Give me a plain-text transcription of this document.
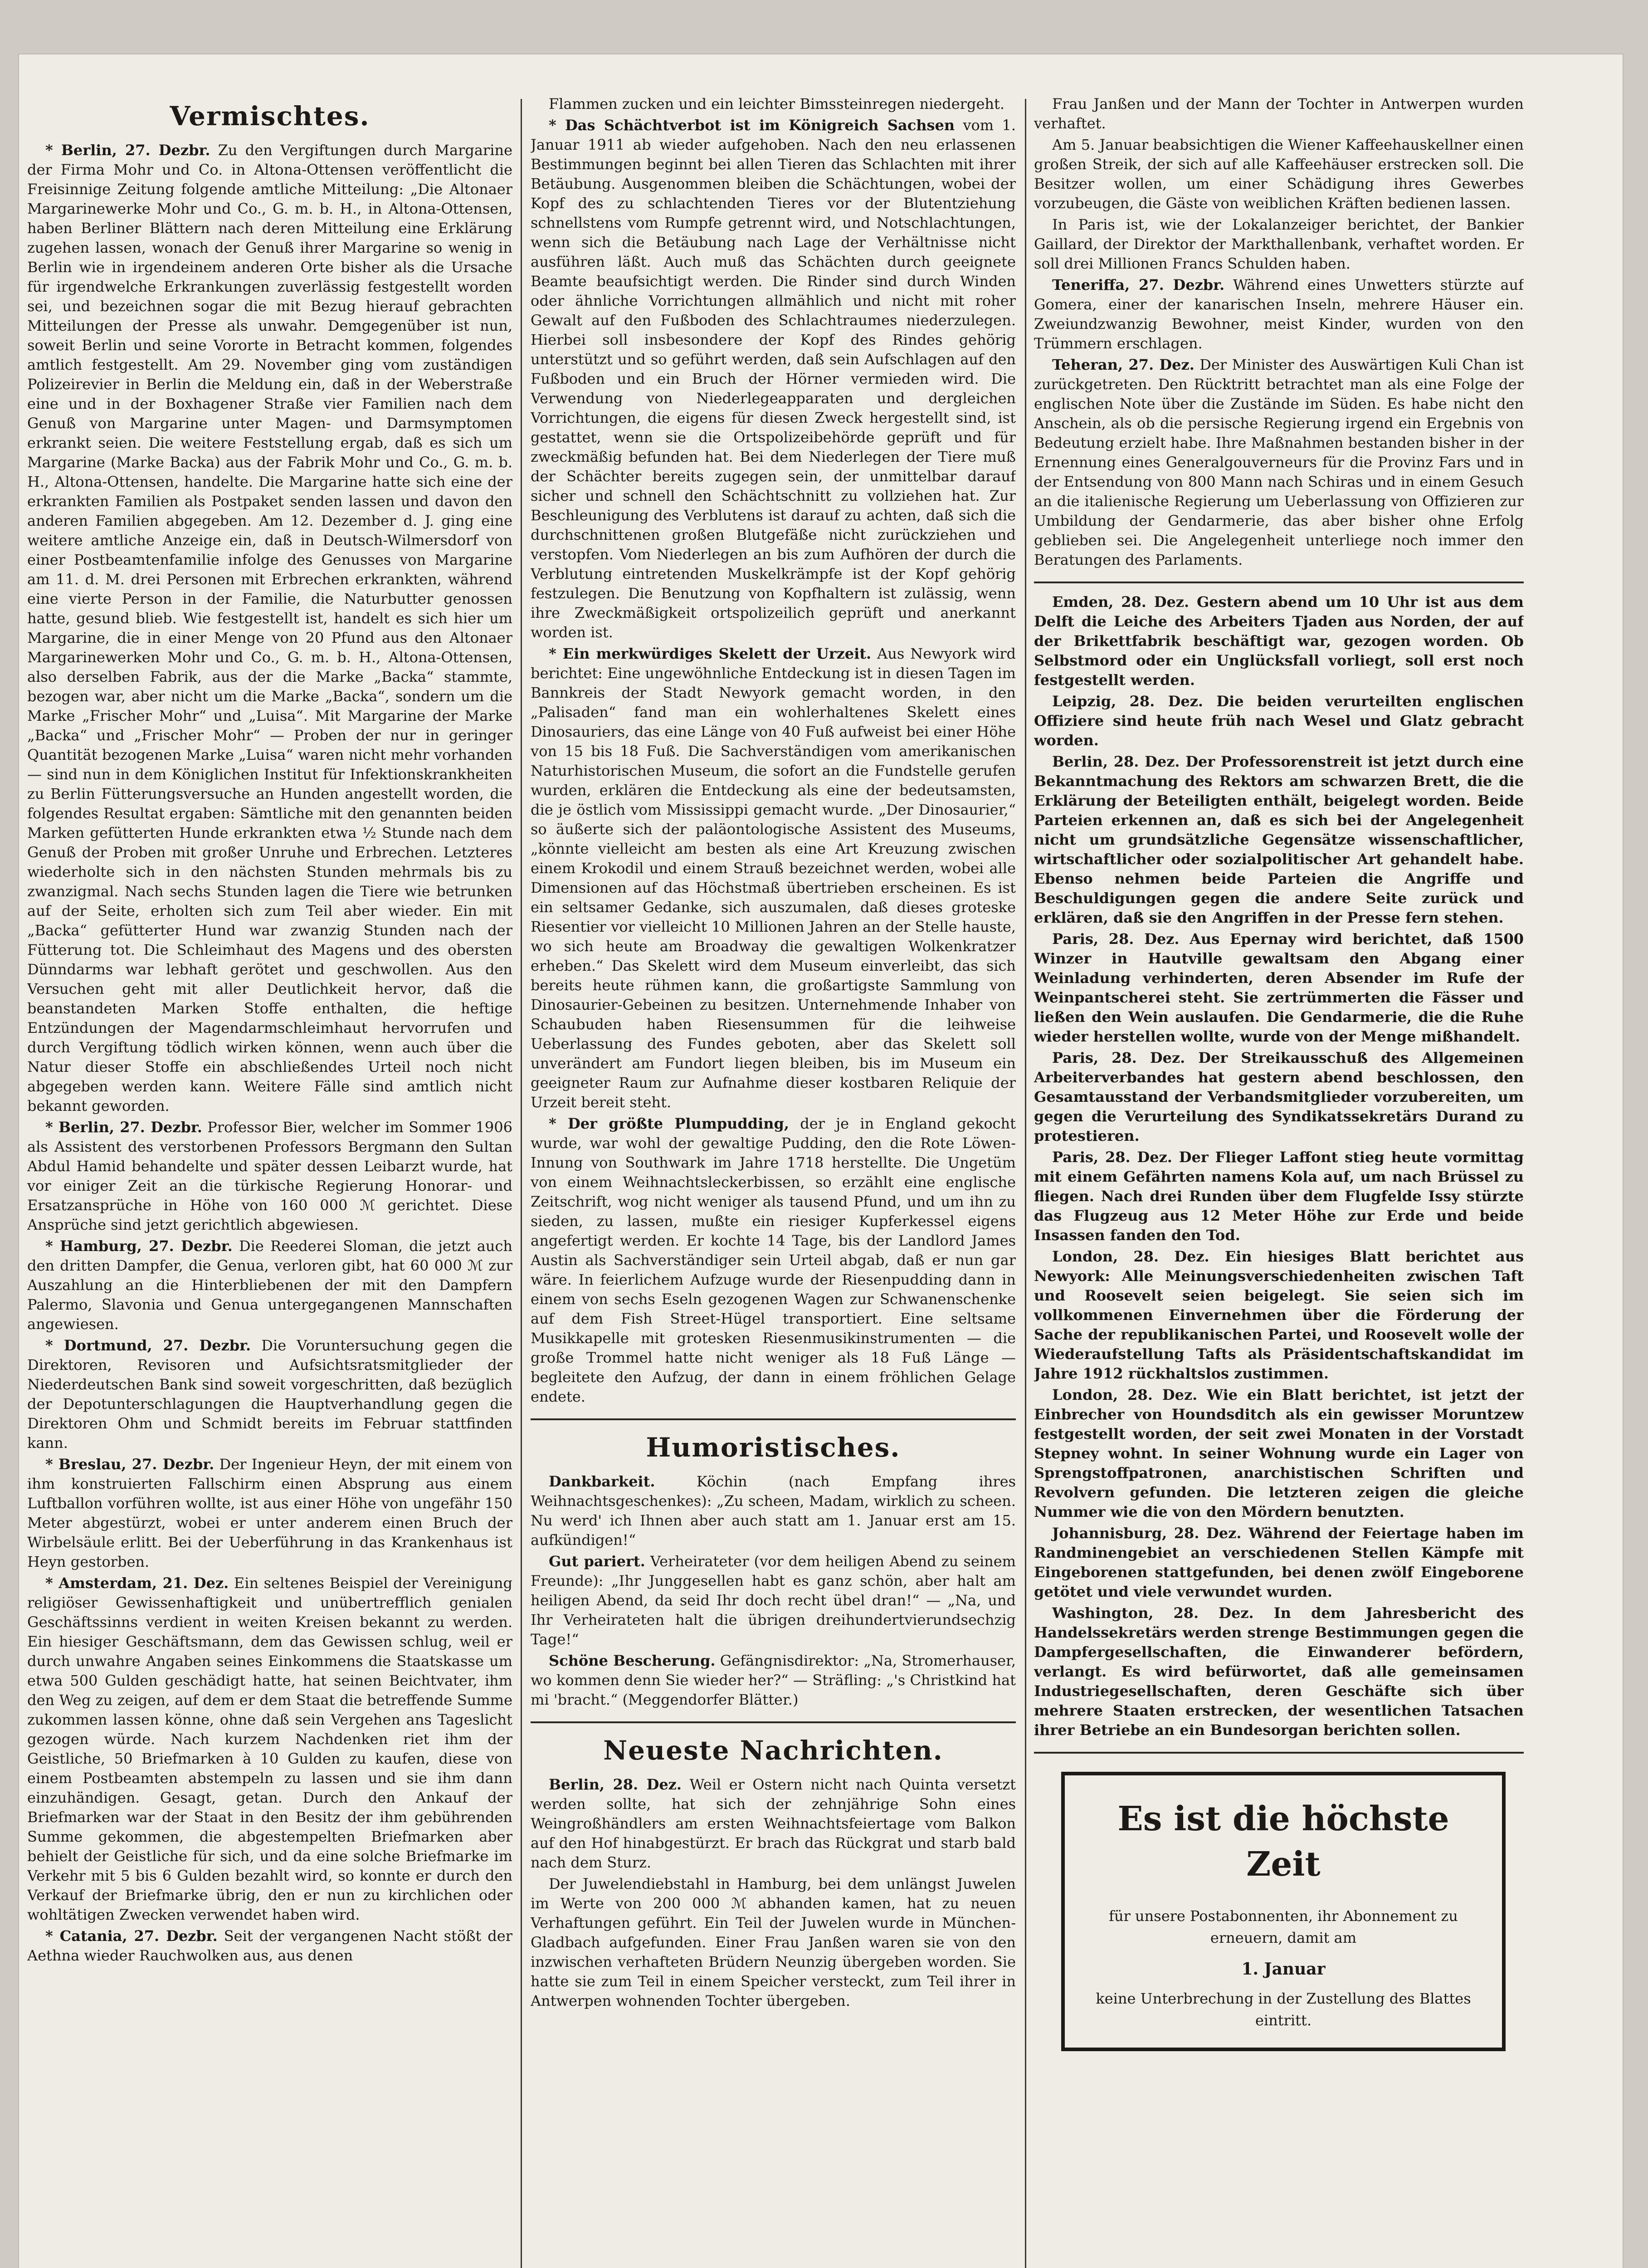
Vermischtes.

* Berlin, 27. Dezbr. Zu den Vergiftungen durch Margarine der Firma Mohr und Co. in Altona-Ottensen veröffentlicht die Freisinnige Zeitung folgende amtliche Mitteilung: „Die Altonaer Margarinewerke Mohr und Co., G. m. b. H., in Altona-Ottensen, haben Berliner Blättern nach deren Mitteilung eine Erklärung zugehen lassen, wonach der Genuß ihrer Margarine so wenig in Berlin wie in irgendeinem anderen Orte bisher als die Ursache für irgendwelche Erkrankungen zuverlässig festgestellt worden sei, und bezeichnen sogar die mit Bezug hierauf gebrachten Mitteilungen der Presse als unwahr. Demgegenüber ist nun, soweit Berlin und seine Vororte in Betracht kommen, folgendes amtlich festgestellt. Am 29. November ging vom zuständigen Polizeirevier in Berlin die Meldung ein, daß in der Weberstraße eine und in der Boxhagener Straße vier Familien nach dem Genuß von Margarine unter Magen- und Darmsymptomen erkrankt seien. Die weitere Feststellung ergab, daß es sich um Margarine (Marke Backa) aus der Fabrik Mohr und Co., G. m. b. H., Altona-Ottensen, handelte. Die Margarine hatte sich eine der erkrankten Familien als Postpaket senden lassen und davon den anderen Familien abgegeben. Am 12. Dezember d. J. ging eine weitere amtliche Anzeige ein, daß in Deutsch-Wilmersdorf von einer Postbeamtenfamilie infolge des Genusses von Margarine am 11. d. M. drei Personen mit Erbrechen erkrankten, während eine vierte Person in der Familie, die Naturbutter genossen hatte, gesund blieb. Wie festgestellt ist, handelt es sich hier um Margarine, die in einer Menge von 20 Pfund aus den Altonaer Margarinewerken Mohr und Co., G. m. b. H., Altona-Ottensen, also derselben Fabrik, aus der die Marke „Backa“ stammte, bezogen war, aber nicht um die Marke „Backa“, sondern um die Marke „Frischer Mohr“ und „Luisa“. Mit Margarine der Marke „Backa“ und „Frischer Mohr“ — Proben der nur in geringer Quantität bezogenen Marke „Luisa“ waren nicht mehr vorhanden — sind nun in dem Königlichen Institut für Infektionskrankheiten zu Berlin Fütterungsversuche an Hunden angestellt worden, die folgendes Resultat ergaben: Sämtliche mit den genannten beiden Marken gefütterten Hunde erkrankten etwa ½ Stunde nach dem Genuß der Proben mit großer Unruhe und Erbrechen. Letzteres wiederholte sich in den nächsten Stunden mehrmals bis zu zwanzigmal. Nach sechs Stunden lagen die Tiere wie betrunken auf der Seite, erholten sich zum Teil aber wieder. Ein mit „Backa“ gefütterter Hund war zwanzig Stunden nach der Fütterung tot. Die Schleimhaut des Magens und des obersten Dünndarms war lebhaft gerötet und geschwollen. Aus den Versuchen geht mit aller Deutlichkeit hervor, daß die beanstandeten Marken Stoffe enthalten, die heftige Entzündungen der Magendarmschleimhaut hervorrufen und durch Vergiftung tödlich wirken können, wenn auch über die Natur dieser Stoffe ein abschließendes Urteil noch nicht abgegeben werden kann. Weitere Fälle sind amtlich nicht bekannt geworden.

* Berlin, 27. Dezbr. Professor Bier, welcher im Sommer 1906 als Assistent des verstorbenen Professors Bergmann den Sultan Abdul Hamid behandelte und später dessen Leibarzt wurde, hat vor einiger Zeit an die türkische Regierung Honorar- und Ersatzansprüche in Höhe von 160 000 ℳ gerichtet. Diese Ansprüche sind jetzt gerichtlich abgewiesen.

* Hamburg, 27. Dezbr. Die Reederei Sloman, die jetzt auch den dritten Dampfer, die Genua, verloren gibt, hat 60 000 ℳ zur Auszahlung an die Hinterbliebenen der mit den Dampfern Palermo, Slavonia und Genua untergegangenen Mannschaften angewiesen.

* Dortmund, 27. Dezbr. Die Voruntersuchung gegen die Direktoren, Revisoren und Aufsichtsratsmitglieder der Niederdeutschen Bank sind soweit vorgeschritten, daß bezüglich der Depotunterschlagungen die Hauptverhandlung gegen die Direktoren Ohm und Schmidt bereits im Februar stattfinden kann.

* Breslau, 27. Dezbr. Der Ingenieur Heyn, der mit einem von ihm konstruierten Fallschirm einen Absprung aus einem Luftballon vorführen wollte, ist aus einer Höhe von ungefähr 150 Meter abgestürzt, wobei er unter anderem einen Bruch der Wirbelsäule erlitt. Bei der Ueberführung in das Krankenhaus ist Heyn gestorben.

* Amsterdam, 21. Dez. Ein seltenes Beispiel der Vereinigung religiöser Gewissenhaftigkeit und unübertrefflich genialen Geschäftssinns verdient in weiten Kreisen bekannt zu werden. Ein hiesiger Geschäftsmann, dem das Gewissen schlug, weil er durch unwahre Angaben seines Einkommens die Staatskasse um etwa 500 Gulden geschädigt hatte, hat seinen Beichtvater, ihm den Weg zu zeigen, auf dem er dem Staat die betreffende Summe zukommen lassen könne, ohne daß sein Vergehen ans Tageslicht gezogen würde. Nach kurzem Nachdenken riet ihm der Geistliche, 50 Briefmarken à 10 Gulden zu kaufen, diese von einem Postbeamten abstempeln zu lassen und sie ihm dann einzuhändigen. Gesagt, getan. Durch den Ankauf der Briefmarken war der Staat in den Besitz der ihm gebührenden Summe gekommen, die abgestempelten Briefmarken aber behielt der Geistliche für sich, und da eine solche Briefmarke im Verkehr mit 5 bis 6 Gulden bezahlt wird, so konnte er durch den Verkauf der Briefmarke übrig, den er nun zu kirchlichen oder wohltätigen Zwecken verwendet haben wird.

* Catania, 27. Dezbr. Seit der vergangenen Nacht stößt der Aethna wieder Rauchwolken aus, aus denen

Flammen zucken und ein leichter Bimssteinregen niedergeht.

* Das Schächtverbot ist im Königreich Sachsen vom 1. Januar 1911 ab wieder aufgehoben. Nach den neu erlassenen Bestimmungen beginnt bei allen Tieren das Schlachten mit ihrer Betäubung. Ausgenommen bleiben die Schächtungen, wobei der Kopf des zu schlachtenden Tieres vor der Blutentziehung schnellstens vom Rumpfe getrennt wird, und Notschlachtungen, wenn sich die Betäubung nach Lage der Verhältnisse nicht ausführen läßt. Auch muß das Schächten durch geeignete Beamte beaufsichtigt werden. Die Rinder sind durch Winden oder ähnliche Vorrichtungen allmählich und nicht mit roher Gewalt auf den Fußboden des Schlachtraumes niederzulegen. Hierbei soll insbesondere der Kopf des Rindes gehörig unterstützt und so geführt werden, daß sein Aufschlagen auf den Fußboden und ein Bruch der Hörner vermieden wird. Die Verwendung von Niederlegeapparaten und dergleichen Vorrichtungen, die eigens für diesen Zweck hergestellt sind, ist gestattet, wenn sie die Ortspolizeibehörde geprüft und für zweckmäßig befunden hat. Bei dem Niederlegen der Tiere muß der Schächter bereits zugegen sein, der unmittelbar darauf sicher und schnell den Schächtschnitt zu vollziehen hat. Zur Beschleunigung des Verblutens ist darauf zu achten, daß sich die durchschnittenen großen Blutgefäße nicht zurückziehen und verstopfen. Vom Niederlegen an bis zum Aufhören der durch die Verblutung eintretenden Muskelkrämpfe ist der Kopf gehörig festzulegen. Die Benutzung von Kopfhaltern ist zulässig, wenn ihre Zweckmäßigkeit ortspolizeilich geprüft und anerkannt worden ist.

* Ein merkwürdiges Skelett der Urzeit. Aus Newyork wird berichtet: Eine ungewöhnliche Entdeckung ist in diesen Tagen im Bannkreis der Stadt Newyork gemacht worden, in den „Palisaden“ fand man ein wohlerhaltenes Skelett eines Dinosauriers, das eine Länge von 40 Fuß aufweist bei einer Höhe von 15 bis 18 Fuß. Die Sachverständigen vom amerikanischen Naturhistorischen Museum, die sofort an die Fundstelle gerufen wurden, erklären die Entdeckung als eine der bedeutsamsten, die je östlich vom Mississippi gemacht wurde. „Der Dinosaurier,“ so äußerte sich der paläontologische Assistent des Museums, „könnte vielleicht am besten als eine Art Kreuzung zwischen einem Krokodil und einem Strauß bezeichnet werden, wobei alle Dimensionen auf das Höchstmaß übertrieben erscheinen. Es ist ein seltsamer Gedanke, sich auszumalen, daß dieses groteske Riesentier vor vielleicht 10 Millionen Jahren an der Stelle hauste, wo sich heute am Broadway die gewaltigen Wolkenkratzer erheben.“ Das Skelett wird dem Museum einverleibt, das sich bereits heute rühmen kann, die großartigste Sammlung von Dinosaurier-Gebeinen zu besitzen. Unternehmende Inhaber von Schaubuden haben Riesensummen für die leihweise Ueberlassung des Fundes geboten, aber das Skelett soll unverändert am Fundort liegen bleiben, bis im Museum ein geeigneter Raum zur Aufnahme dieser kostbaren Reliquie der Urzeit bereit steht.

* Der größte Plumpudding, der je in England gekocht wurde, war wohl der gewaltige Pudding, den die Rote Löwen-Innung von Southwark im Jahre 1718 herstellte. Die Ungetüm von einem Weihnachtsleckerbissen, so erzählt eine englische Zeitschrift, wog nicht weniger als tausend Pfund, und um ihn zu sieden, zu lassen, mußte ein riesiger Kupferkessel eigens angefertigt werden. Er kochte 14 Tage, bis der Landlord James Austin als Sachverständiger sein Urteil abgab, daß er nun gar wäre. In feierlichem Aufzuge wurde der Riesenpudding dann in einem von sechs Eseln gezogenen Wagen zur Schwanenschenke auf dem Fish Street-Hügel transportiert. Eine seltsame Musikkapelle mit grotesken Riesenmusikinstrumenten — die große Trommel hatte nicht weniger als 18 Fuß Länge — begleitete den Aufzug, der dann in einem fröhlichen Gelage endete.

Humoristisches.

Dankbarkeit.	Köchin (nach Empfang ihres Weihnachtsgeschenkes): „Zu scheen, Madam, wirklich zu scheen. Nu werd' ich Ihnen aber auch statt am 1. Januar erst am 15. aufkündigen!“

Gut pariert. Verheirateter (vor dem heiligen Abend zu seinem Freunde): „Ihr Junggesellen habt es ganz schön, aber halt am heiligen Abend, da seid Ihr doch recht übel dran!“ — „Na, und Ihr Verheirateten halt die übrigen dreihundertvierundsechzig Tage!“

Schöne Bescherung. Gefängnisdirektor: „Na, Stromerhauser, wo kommen denn Sie wieder her?“ — Sträfling: „'s Christkind hat mi 'bracht.“ (Meggendorfer Blätter.)

Neueste Nachrichten.

Berlin, 28. Dez. Weil er Ostern nicht nach Quinta versetzt werden sollte, hat sich der zehnjährige Sohn eines Weingroßhändlers am ersten Weihnachtsfeiertage vom Balkon auf den Hof hinabgestürzt. Er brach das Rückgrat und starb bald nach dem Sturz.

Der Juwelendiebstahl in Hamburg, bei dem unlängst Juwelen im Werte von 200 000 ℳ abhanden kamen, hat zu neuen Verhaftungen geführt. Ein Teil der Juwelen wurde in München-Gladbach aufgefunden. Einer Frau Janßen waren sie von den inzwischen verhafteten Brüdern Neunzig übergeben worden. Sie hatte sie zum Teil in einem Speicher versteckt, zum Teil ihrer in Antwerpen wohnenden Tochter übergeben.

Frau Janßen und der Mann der Tochter in Antwerpen wurden verhaftet.

Am 5. Januar beabsichtigen die Wiener Kaffeehauskellner einen großen Streik, der sich auf alle Kaffeehäuser erstrecken soll. Die Besitzer wollen, um einer Schädigung ihres Gewerbes vorzubeugen, die Gäste von weiblichen Kräften bedienen lassen.

In Paris ist, wie der Lokalanzeiger berichtet, der Bankier Gaillard, der Direktor der Markthallenbank, verhaftet worden. Er soll drei Millionen Francs Schulden haben.

Teneriffa, 27. Dezbr. Während eines Unwetters stürzte auf Gomera, einer der kanarischen Inseln, mehrere Häuser ein. Zweiundzwanzig Bewohner, meist Kinder, wurden von den Trümmern erschlagen.

Teheran, 27. Dez. Der Minister des Auswärtigen Kuli Chan ist zurückgetreten. Den Rücktritt betrachtet man als eine Folge der englischen Note über die Zustände im Süden. Es habe nicht den Anschein, als ob die persische Regierung irgend ein Ergebnis von Bedeutung erzielt habe. Ihre Maßnahmen bestanden bisher in der Ernennung eines Generalgouverneurs für die Provinz Fars und in der Entsendung von 800 Mann nach Schiras und in einem Gesuch an die italienische Regierung um Ueberlassung von Offizieren zur Umbildung der Gendarmerie, das aber bisher ohne Erfolg geblieben sei. Die Angelegenheit unterliege noch immer den Beratungen des Parlaments.

Emden, 28. Dez. Gestern abend um 10 Uhr ist aus dem Delft die Leiche des Arbeiters Tjaden aus Norden, der auf der Brikettfabrik beschäftigt war, gezogen worden. Ob Selbstmord oder ein Unglücksfall vorliegt, soll erst noch festgestellt werden.

Leipzig, 28. Dez. Die beiden verurteilten englischen Offiziere sind heute früh nach Wesel und Glatz gebracht worden.

Berlin, 28. Dez. Der Professorenstreit ist jetzt durch eine Bekanntmachung des Rektors am schwarzen Brett, die die Erklärung der Beteiligten enthält, beigelegt worden. Beide Parteien erkennen an, daß es sich bei der Angelegenheit nicht um grundsätzliche Gegensätze wissenschaftlicher, wirtschaftlicher oder sozialpolitischer Art gehandelt habe. Ebenso nehmen beide Parteien die Angriffe und Beschuldigungen gegen die andere Seite zurück und erklären, daß sie den Angriffen in der Presse fern stehen.

Paris, 28. Dez. Aus Epernay wird berichtet, daß 1500 Winzer in Hautville gewaltsam den Abgang einer Weinladung verhinderten, deren Absender im Rufe der Weinpantscherei steht. Sie zertrümmerten die Fässer und ließen den Wein auslaufen. Die Gendarmerie, die die Ruhe wieder herstellen wollte, wurde von der Menge mißhandelt.

Paris, 28. Dez. Der Streikausschuß des Allgemeinen Arbeiterverbandes hat gestern abend beschlossen, den Gesamtausstand der Verbandsmitglieder vorzubereiten, um gegen die Verurteilung des Syndikatssekretärs Durand zu protestieren.

Paris, 28. Dez. Der Flieger Laffont stieg heute vormittag mit einem Gefährten namens Kola auf, um nach Brüssel zu fliegen. Nach drei Runden über dem Flugfelde Issy stürzte das Flugzeug aus 12 Meter Höhe zur Erde und beide Insassen fanden den Tod.

London, 28. Dez. Ein hiesiges Blatt berichtet aus Newyork: Alle Meinungsverschiedenheiten zwischen Taft und Roosevelt seien beigelegt. Sie seien sich im vollkommenen Einvernehmen über die Förderung der Sache der republikanischen Partei, und Roosevelt wolle der Wiederaufstellung Tafts als Präsidentschaftskandidat im Jahre 1912 rückhaltslos zustimmen.

London, 28. Dez. Wie ein Blatt berichtet, ist jetzt der Einbrecher von Houndsditch als ein gewisser Moruntzew festgestellt worden, der seit zwei Monaten in der Vorstadt Stepney wohnt. In seiner Wohnung wurde ein Lager von Sprengstoffpatronen, anarchistischen Schriften und Revolvern gefunden. Die letzteren zeigen die gleiche Nummer wie die von den Mördern benutzten.

Johannisburg, 28. Dez. Während der Feiertage haben im Randminengebiet an verschiedenen Stellen Kämpfe mit Eingeborenen stattgefunden, bei denen zwölf Eingeborene getötet und viele verwundet wurden.

Washington, 28. Dez. In dem Jahresbericht des Handelssekretärs werden strenge Bestimmungen gegen die Dampfergesellschaften, die Einwanderer befördern, verlangt. Es wird befürwortet, daß alle gemeinsamen Industriegesellschaften, deren Geschäfte sich über mehrere Staaten erstrecken, der wesentlichen Tatsachen ihrer Betriebe an ein Bundesorgan berichten sollen.

Es ist die höchste Zeit

für unsere Postabonnenten, ihr Abonnement zu erneuern, damit am

1. Januar

keine Unterbrechung in der Zustellung des Blattes eintritt.
